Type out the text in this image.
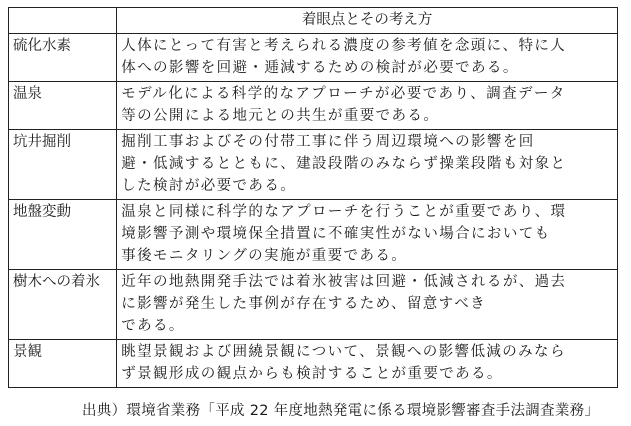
	着眼点とその考え方
硫化水素	人体にとって有害と考えられる濃度の参考値を念頭に、特に人
体への影響を回避・逓減するための検討が必要である。

温泉	モデル化による科学的なアプローチが必要であり、調査データ
等の公開による地元との共生が重要である。

坑井掘削	掘削工事およびその付帯工事に伴う周辺環境への影響を回
避・低減するとともに、建設段階のみならず操業段階も対象と
した検討が必要である。

地盤変動	温泉と同様に科学的なアプローチを行うことが重要であり、環
境影響予測や環境保全措置に不確実性がない場合においても
事後モニタリングの実施が重要である。

樹木への着氷	近年の地熱開発手法では着氷被害は回避・低減されるが、過去
に影響が発生した事例が存在するため、留意すべき
である。

景観	眺望景観および囲繞景観について、景観への影響低減のみなら
ず景観形成の観点からも検討することが重要である。
出典）環境省業務「平成 22 年度地熱発電に係る環境影響審査手法調査業務」
